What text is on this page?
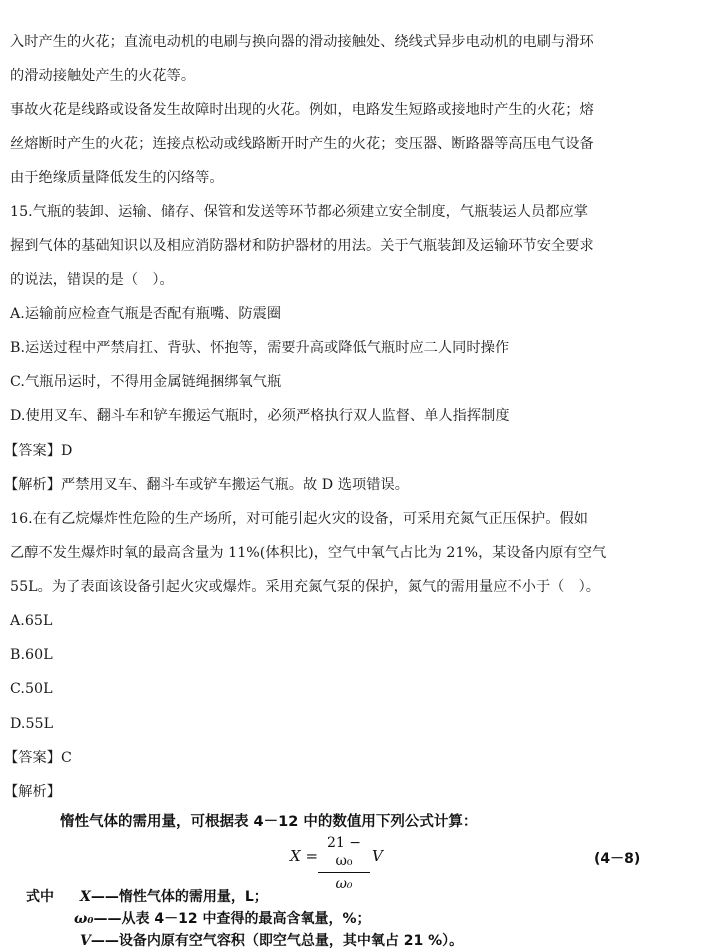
入时产生的火花；直流电动机的电刷与换向器的滑动接触处、绕线式异步电动机的电刷与滑环
的滑动接触处产生的火花等。
事故火花是线路或设备发生故障时出现的火花。例如，电路发生短路或接地时产生的火花；熔
丝熔断时产生的火花；连接点松动或线路断开时产生的火花；变压器、断路器等高压电气设备
由于绝缘质量降低发生的闪络等。
15.气瓶的装卸、运输、储存、保管和发送等环节都必须建立安全制度，气瓶装运人员都应掌
握到气体的基础知识以及相应消防器材和防护器材的用法。关于气瓶装卸及运输环节安全要求
的说法，错误的是（　）。
A.运输前应检查气瓶是否配有瓶嘴、防震圈
B.运送过程中严禁肩扛、背驮、怀抱等，需要升高或降低气瓶时应二人同时操作
C.气瓶吊运时，不得用金属链绳捆绑氧气瓶
D.使用叉车、翻斗车和铲车搬运气瓶时，必须严格执行双人监督、单人指挥制度
【答案】D
【解析】严禁用叉车、翻斗车或铲车搬运气瓶。故 D 选项错误。
16.在有乙烷爆炸性危险的生产场所，对可能引起火灾的设备，可采用充氮气正压保护。假如
乙醇不发生爆炸时氧的最高含量为 11%(体积比)，空气中氧气占比为 21%，某设备内原有空气
55L。为了表面该设备引起火灾或爆炸。采用充氮气泵的保护，氮气的需用量应不小于（　）。
A.65L
B.60L
C.50L
D.55L
【答案】C
【解析】
惰性气体的需用量，可根据表 4－12 中的数值用下列公式计算：
X =
21 − ω₀
ω₀
V	(4－8)
式中 X——惰性气体的需用量，L；
ω₀——从表 4－12 中查得的最高含氧量，%；
V——设备内原有空气容积（即空气总量，其中氧占 21 %）。
